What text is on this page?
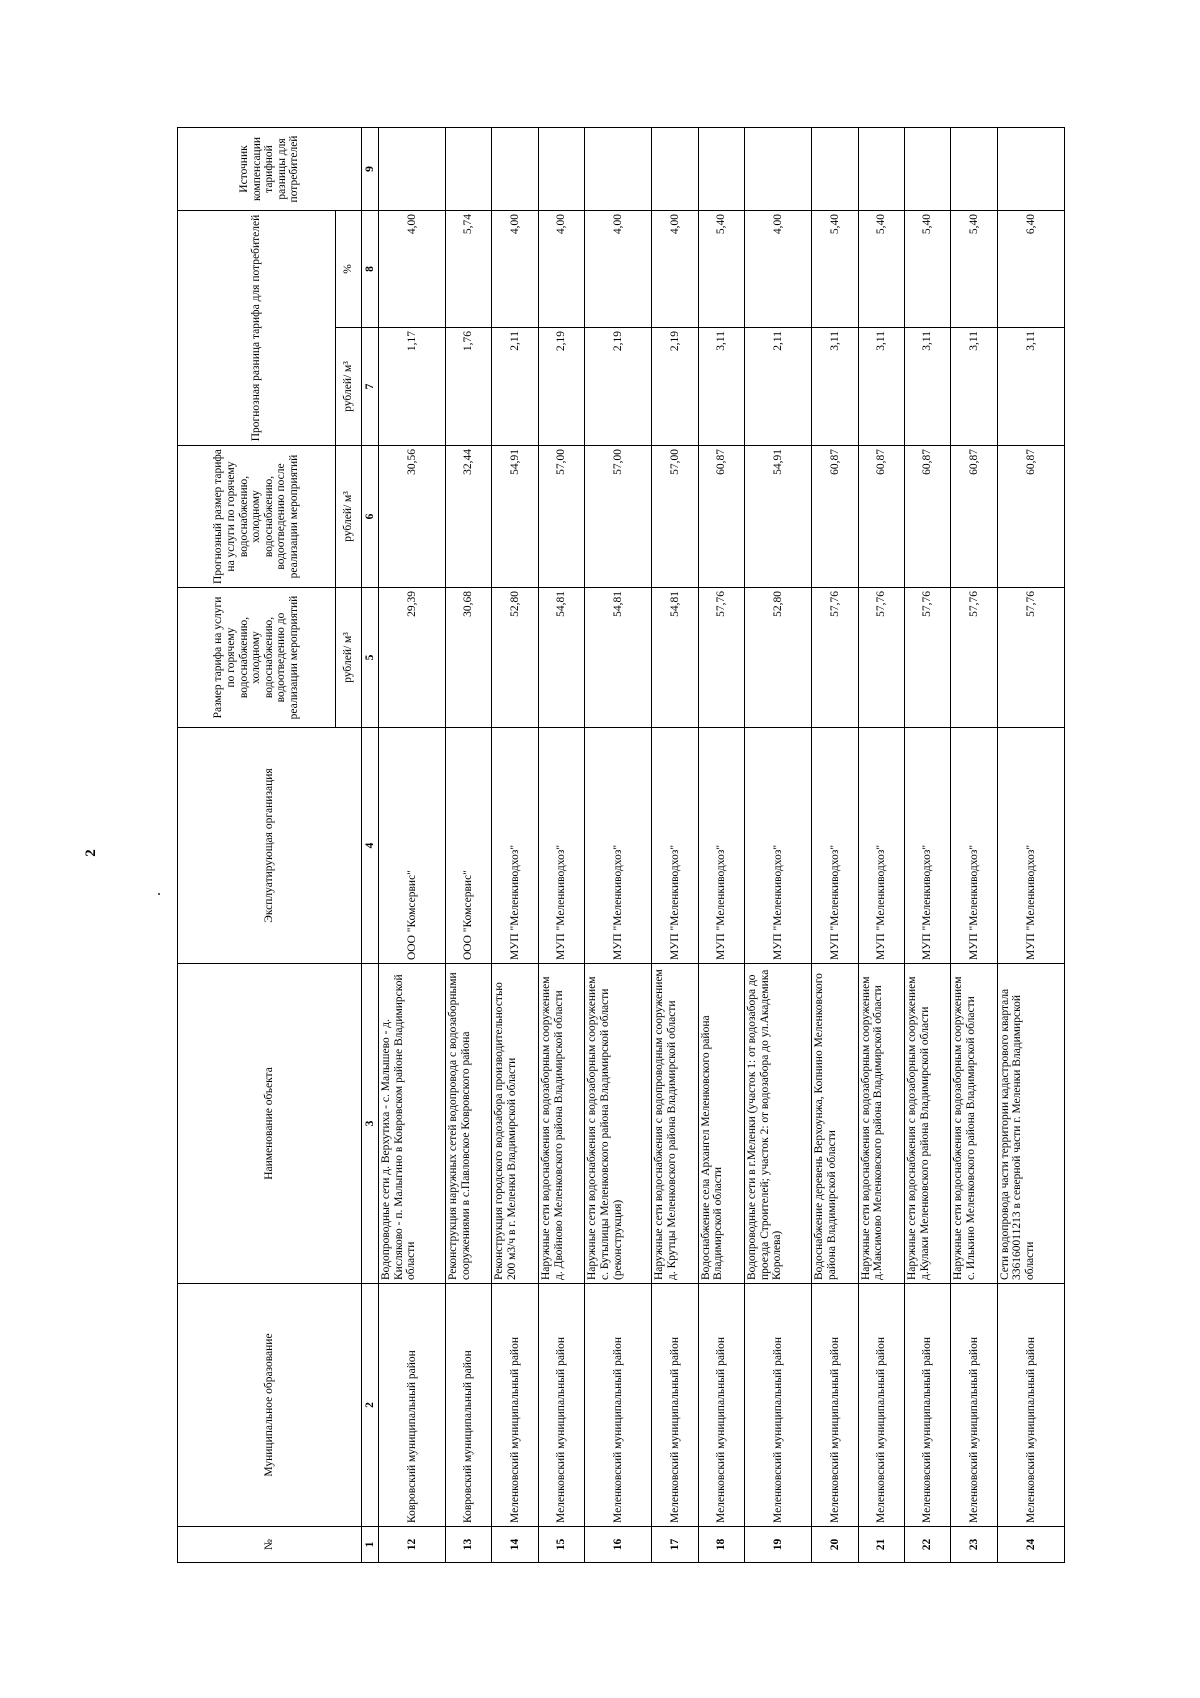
2
№	Муниципальное образование	Наименование объекта	Эксплуатирующая организация	Размер тарифа на услуги по горячему водоснабжению, холодному водоснабжению, водоотведению до реализации мероприятий	Прогнозный размер тарифа на услуги по горячему водоснабжению, холодному водоснабжению, водоотведению после реализации мероприятий	Прогнозная разница тарифа для потребителей		Источник компенсации тарифной разницы для потребителей
				рублей/ м³	рублей/ м³	рублей/ м³	%	
1	2	3	4	5	6	7	8	9
12	Ковровский муниципальный район	Водопроводные сети д. Верхутиха - с. Малышево - д. Кисляково - п. Малыгино в Ковровском районе Владимирской области	ООО "Комсервис"	29,39	30,56	1,17	4,00	
13	Ковровский муниципальный район	Реконструкция наружных сетей водопровода с водозаборными сооружениями в с.Павловское Ковровского района	ООО "Комсервис"	30,68	32,44	1,76	5,74	
14	Меленковский муниципальный район	Реконструкция городского водозабора производительностью 200 м3/ч в г. Меленки Владимирской области	МУП "Меленкиводхоз"	52,80	54,91	2,11	4,00	
15	Меленковский муниципальный район	Наружные сети водоснабжения с водозаборным сооружением д. Двойново Меленковского района Владимирской области	МУП "Меленкиводхоз"	54,81	57,00	2,19	4,00	
16	Меленковский муниципальный район	Наружные сети водоснабжения с водозаборным сооружением с. Бутылицы Меленковского района Владимирской области (реконструкция)	МУП "Меленкиводхоз"	54,81	57,00	2,19	4,00	
17	Меленковский муниципальный район	Наружные сети водоснабжения с водопроводным сооружением д. Крутцы Меленковского района Владимирской области	МУП "Меленкиводхоз"	54,81	57,00	2,19	4,00	
18	Меленковский муниципальный район	Водоснабжение села Архангел Меленковского района Владимирской области	МУП "Меленкиводхоз"	57,76	60,87	3,11	5,40	
19	Меленковский муниципальный район	Водопроводные сети в г.Меленки (участок 1: от водозабора до проезда Строителей; участок 2: от водозабора до ул.Академика Королева)	МУП "Меленкиводхоз"	52,80	54,91	2,11	4,00	
20	Меленковский муниципальный район	Водоснабжение деревень Верхоунжа, Копнино Меленковского района Владимирской области	МУП "Меленкиводхоз"	57,76	60,87	3,11	5,40	
21	Меленковский муниципальный район	Наружные сети водоснабжения с водозаборным сооружением д.Максимово Меленковского района Владимирской области	МУП "Меленкиводхоз"	57,76	60,87	3,11	5,40	
22	Меленковский муниципальный район	Наружные сети водоснабжения с водозаборным сооружением д.Кулаки Меленковского района Владимирской области	МУП "Меленкиводхоз"	57,76	60,87	3,11	5,40	
23	Меленковский муниципальный район	Наружные сети водоснабжения с водозаборным сооружением с. Илькино Меленковского района Владимирской области	МУП "Меленкиводхоз"	57,76	60,87	3,11	5,40	
24	Меленковский муниципальный район	Сети водопровода части территории кадастрового квартала 336160011213 в северной части г. Меленки Владимирской области	МУП "Меленкиводхоз"	57,76	60,87	3,11	6,40	
